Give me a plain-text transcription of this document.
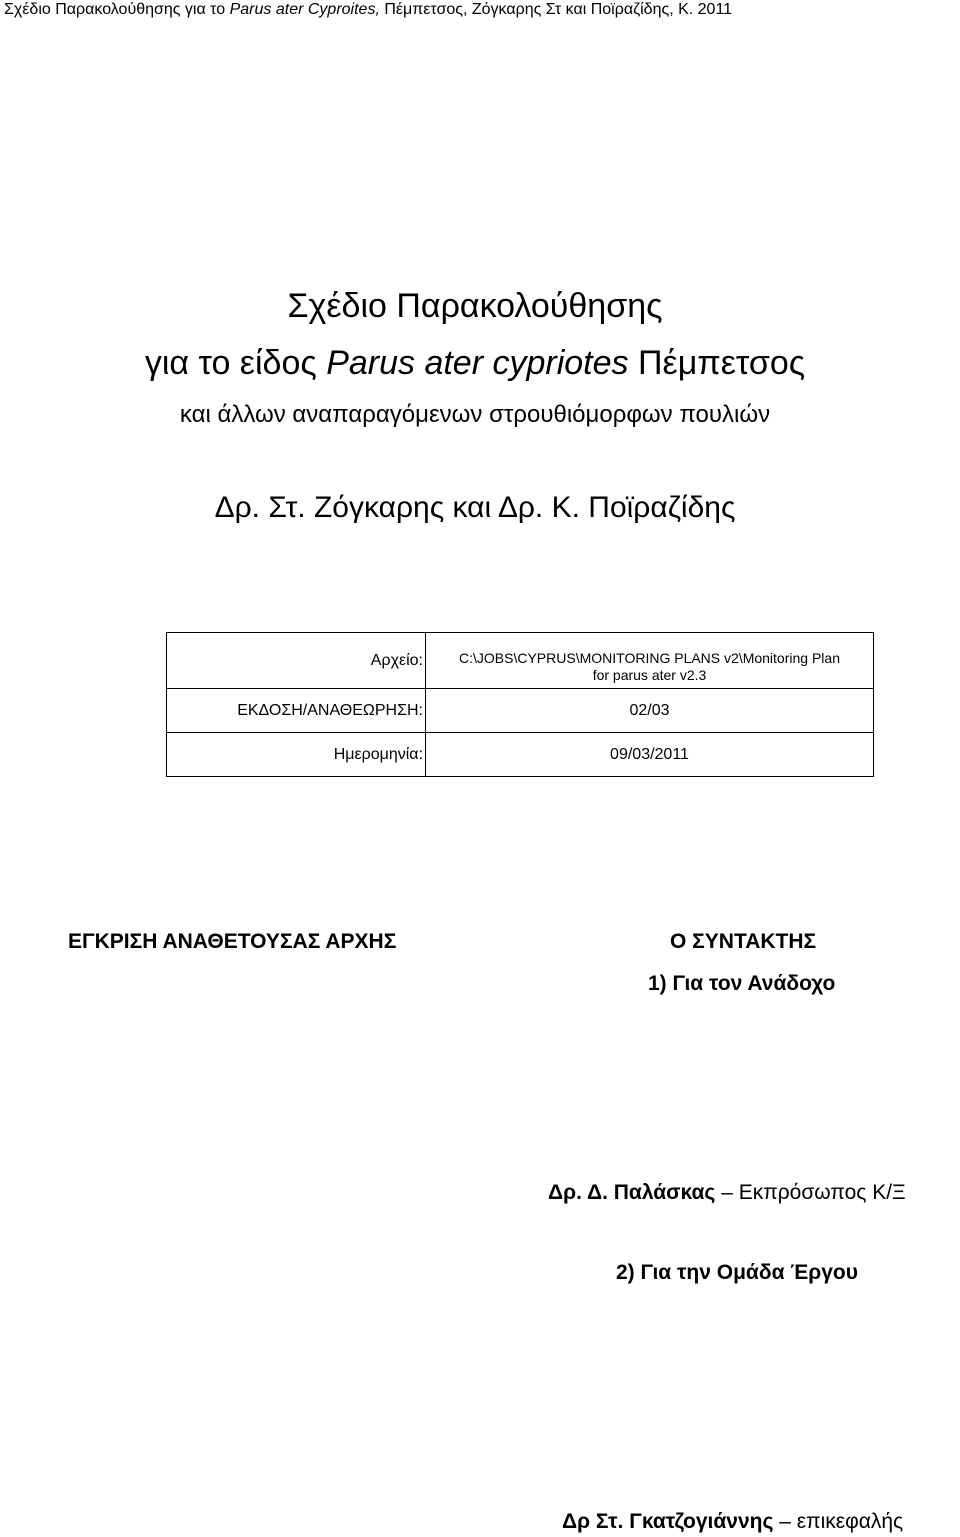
Σχέδιο Παρακολούθησης για το Parus ater Cyproites, Πέμπετσος, Ζόγκαρης Στ και Ποϊραζίδης, Κ. 2011
Σχέδιο Παρακολούθησης
για το είδος Parus ater cypriotes Πέμπετσος
και άλλων αναπαραγόμενων στρουθιόμορφων πουλιών
Δρ. Στ. Ζόγκαρης και Δρ. Κ. Ποϊραζίδης
Αρχείο:	C:\JOBS\CYPRUS\MONITORING PLANS v2\Monitoring Plan
for parus ater v2.3
ΕΚΔΟΣΗ/ΑΝΑΘΕΩΡΗΣΗ:	02/03
Ημερομηνία:	09/03/2011
ΕΓΚΡΙΣΗ ΑΝΑΘΕΤΟΥΣΑΣ ΑΡΧΗΣ	Ο ΣΥΝΤΑΚΤΗΣ
1) Για τον Ανάδοχο
Δρ. Δ. Παλάσκας – Εκπρόσωπος Κ/Ξ
2) Για την Ομάδα Έργου
Δρ Στ. Γκατζογιάννης – επικεφαλής
